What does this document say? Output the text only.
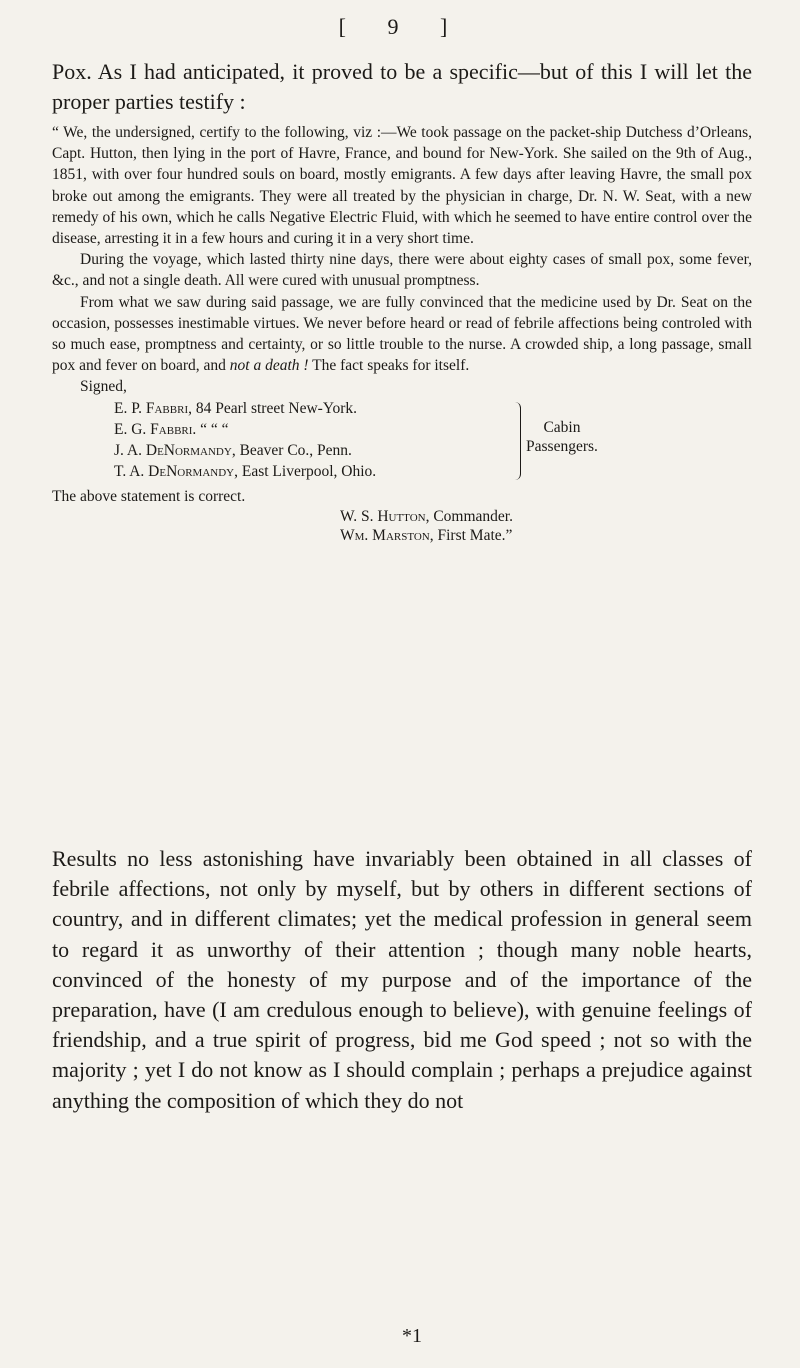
[ 9 ]

Pox. As I had anticipated, it proved to be a specific—but of this I will let the proper parties testify :

“ We, the undersigned, certify to the following, viz :—We took passage on the packet-ship Dutchess d’Orleans, Capt. Hutton, then lying in the port of Havre, France, and bound for New-York. She sailed on the 9th of Aug., 1851, with over four hundred souls on board, mostly emigrants. A few days after leaving Havre, the small pox broke out among the emigrants. They were all treated by the physician in charge, Dr. N. W. Seat, with a new remedy of his own, which he calls Negative Electric Fluid, with which he seemed to have entire control over the disease, arresting it in a few hours and curing it in a very short time.

During the voyage, which lasted thirty nine days, there were about eighty cases of small pox, some fever, &c., and not a single death. All were cured with unusual promptness.

From what we saw during said passage, we are fully convinced that the medicine used by Dr. Seat on the occasion, possesses inestimable virtues. We never before heard or read of febrile affections being controled with so much ease, promptness and certainty, or so little trouble to the nurse. A crowded ship, a long passage, small pox and fever on board, and not a death ! The fact speaks for itself.

Signed,

E. P. Fabbri, 84 Pearl street New-York.
E. G. Fabbri. “ “ “
J. A. DeNormandy, Beaver Co., Penn.
T. A. DeNormandy, East Liverpool, Ohio.
Cabin
Passengers.

The above statement is correct.

W. S. Hutton, Commander.
Wm. Marston, First Mate.”

Results no less astonishing have invariably been obtained in all classes of febrile affections, not only by myself, but by others in different sections of country, and in different climates; yet the medical profession in general seem to regard it as unworthy of their attention ; though many noble hearts, convinced of the honesty of my purpose and of the importance of the preparation, have (I am credulous enough to believe), with genuine feelings of friendship, and a true spirit of progress, bid me God speed ; not so with the majority ; yet I do not know as I should complain ; perhaps a prejudice against anything the composition of which they do not

*1
